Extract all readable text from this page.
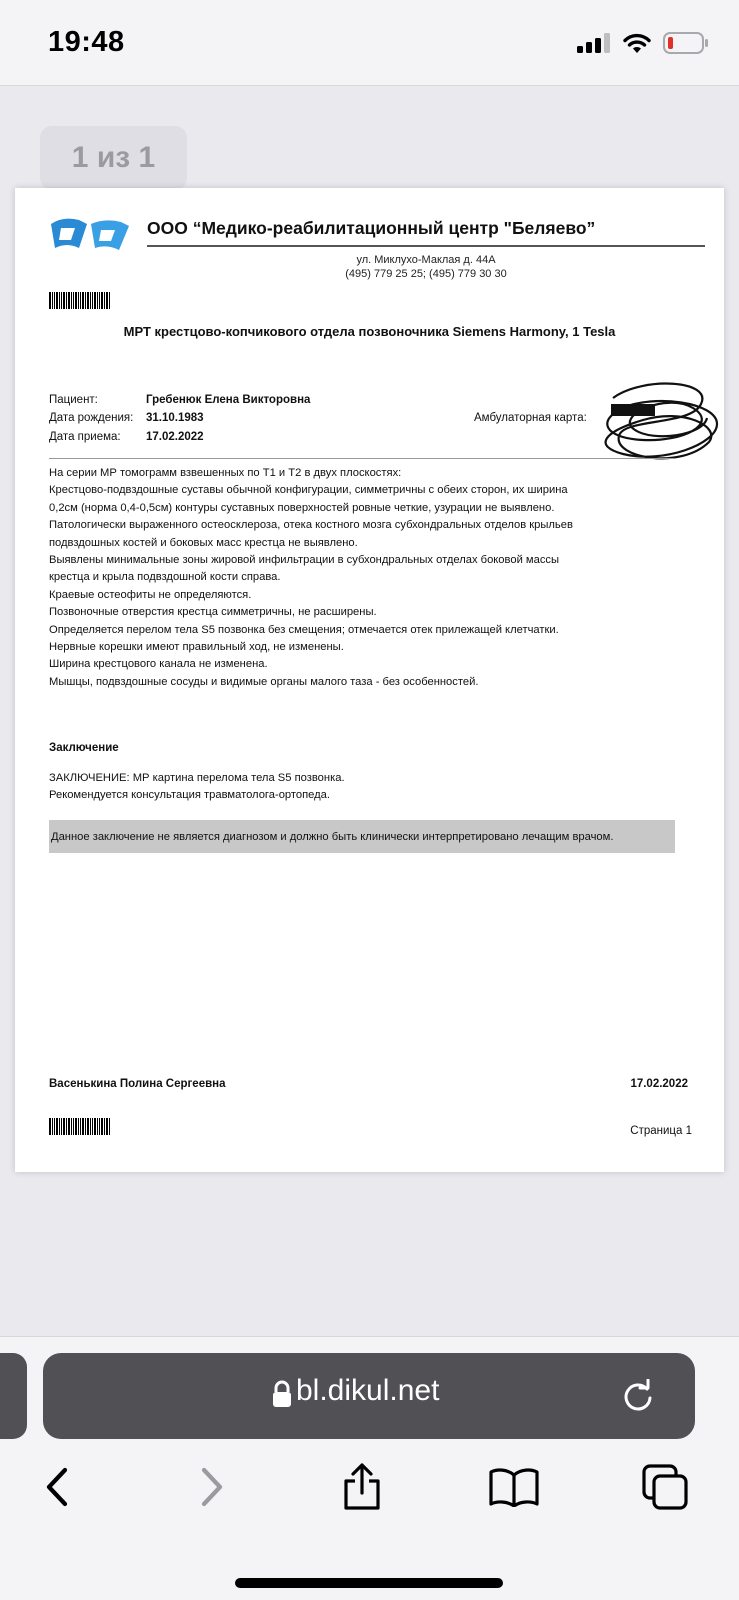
19:48
1 из 1
ООО “Медико-реабилитационный центр "Беляево”
ул. Миклухо-Маклая д. 44А
(495) 779 25 25; (495) 779 30 30
МРТ крестцово-копчикового отдела позвоночника Siemens Harmony, 1 Tesla
Пациент:	Гребенюк Елена Викторовна
Дата рождения:	31.10.1983
Дата приема:	17.02.2022
Амбулаторная карта:

На серии МР томограмм взвешенных по Т1 и Т2 в двух плоскостях:

Крестцово-подвздошные суставы обычной конфигурации, симметричны с обеих сторон, их ширина 0,2см (норма 0,4-0,5см) контуры суставных поверхностей ровные четкие, узурации не выявлено.

Патологически выраженного остеосклероза, отека костного мозга субхондральных отделов крыльев подвздошных костей и боковых масс крестца не выявлено.

Выявлены минимальные зоны жировой инфильтрации в субхондральных отделах боковой массы крестца и крыла подвздошной кости справа.

Краевые остеофиты не определяются.

Позвоночные отверстия крестца симметричны, не расширены.

Определяется перелом тела S5 позвонка без смещения; отмечается отек прилежащей клетчатки.

Нервные корешки имеют правильный ход, не изменены.

Ширина крестцового канала не изменена.

Мышцы, подвздошные сосуды и видимые органы малого таза - без особенностей.

Заключение
ЗАКЛЮЧЕНИЕ: МР картина перелома тела S5 позвонка.
Рекомендуется консультация травматолога-ортопеда.
Данное заключение не является диагнозом и должно быть клинически интерпретировано лечащим врачом.
Васенькина Полина Сергеевна	17.02.2022
Страница 1
bl.dikul.net
